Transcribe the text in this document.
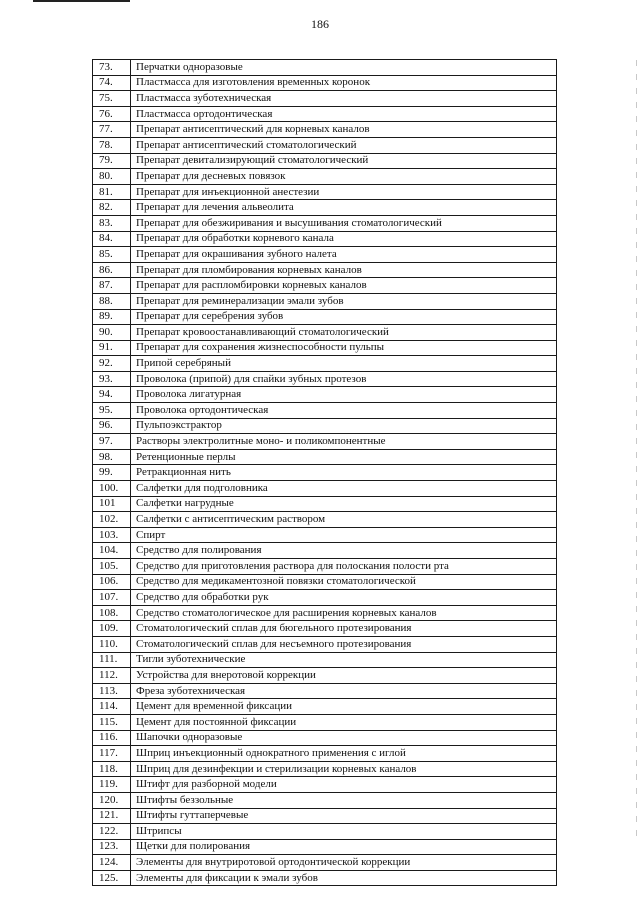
186
73.	Перчатки одноразовые
74.	Пластмасса для изготовления временных коронок
75.	Пластмасса зуботехническая
76.	Пластмасса ортодонтическая
77.	Препарат антисептический для корневых каналов
78.	Препарат антисептический стоматологический
79.	Препарат девитализирующий стоматологический
80.	Препарат для десневых повязок
81.	Препарат для инъекционной анестезии
82.	Препарат для лечения альвеолита
83.	Препарат для обезжиривания и высушивания стоматологический
84.	Препарат для обработки корневого канала
85.	Препарат для окрашивания зубного налета
86.	Препарат для пломбирования корневых каналов
87.	Препарат для распломбировки корневых каналов
88.	Препарат для реминерализации эмали зубов
89.	Препарат для серебрения зубов
90.	Препарат кровоостанавливающий стоматологический
91.	Препарат для сохранения жизнеспособности пульпы
92.	Припой серебряный
93.	Проволока (припой) для спайки зубных протезов
94.	Проволока лигатурная
95.	Проволока ортодонтическая
96.	Пульпоэкстрактор
97.	Растворы электролитные моно- и поликомпонентные
98.	Ретенционные перлы
99.	Ретракционная нить
100.	Салфетки для подголовника
101	Салфетки нагрудные
102.	Салфетки с антисептическим раствором
103.	Спирт
104.	Средство для полирования
105.	Средство для приготовления раствора для полоскания полости рта
106.	Средство для медикаментозной повязки стоматологической
107.	Средство для обработки рук
108.	Средство стоматологическое для расширения корневых каналов
109.	Стоматологический сплав для бюгельного протезирования
110.	Стоматологический сплав для несъемного протезирования
111.	Тигли зуботехнические
112.	Устройства для внеротовой коррекции
113.	Фреза зуботехническая
114.	Цемент для временной фиксации
115.	Цемент для постоянной фиксации
116.	Шапочки одноразовые
117.	Шприц инъекционный однократного применения с иглой
118.	Шприц для дезинфекции и стерилизации корневых каналов
119.	Штифт для разборной модели
120.	Штифты беззольные
121.	Штифты гуттаперчевые
122.	Штрипсы
123.	Щетки для полирования
124.	Элементы для внутриротовой ортодонтической коррекции
125.	Элементы для фиксации к эмали зубов
